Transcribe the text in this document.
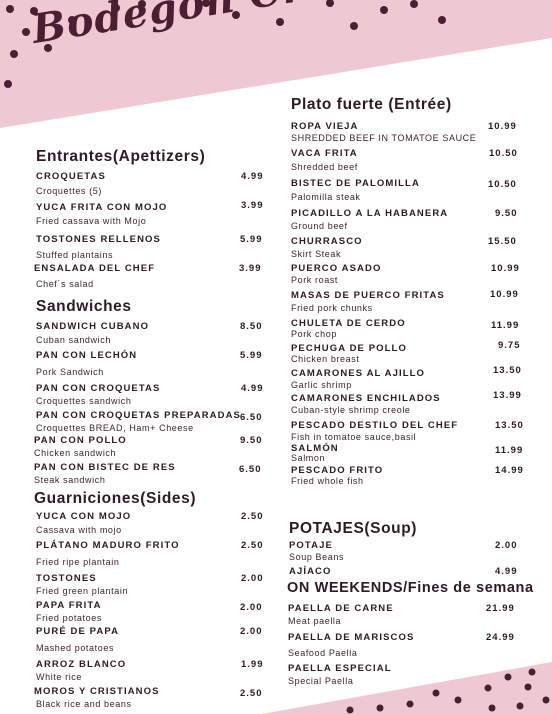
Entrantes(Apettizers)
CROQUETAS	4.99
Croquettes (5)
YUCA FRITA CON MOJO	3.99
Fried cassava with Mojo
TOSTONES RELLENOS	5.99
Stuffed plantains
ENSALADA DEL CHEF	3.99
Chef´s salad
Sandwiches
SANDWICH CUBANO	8.50
Cuban sandwich
PAN CON LECHÓN	5.99
Pork Sandwich
PAN CON CROQUETAS	4.99
Croquettes sandwich
PAN CON CROQUETAS PREPARADAS 6.50
Croquettes BREAD, Ham+ Cheese
PAN CON POLLO	9.50
Chicken sandwich
PAN CON BISTEC DE RES	6.50
Steak sandwich
Guarniciones(Sides)
YUCA CON MOJO	2.50
Cassava with mojo
PLÁTANO MADURO FRITO	2.50
Fried ripe plantain
TOSTONES	2.00
Fried green plantain
PAPA FRITA	2.00
Fried potatoes
PURÉ DE PAPA	2.00
Mashed potatoes
ARROZ BLANCO	1.99
White rice
MOROS Y CRISTIANOS	2.50
Black rice and beans
Plato fuerte (Entrée)
ROPA VIEJA	10.99
SHREDDED BEEF IN TOMATOE SAUCE
VACA FRITA	10.50
Shredded beef
BISTEC DE PALOMILLA	10.50
Palomilla steak
PICADILLO A LA HABANERA	9.50
Ground beef
CHURRASCO	15.50
Skirt Steak
PUERCO ASADO	10.99
Pork roast
MASAS DE PUERCO FRITAS	10.99
Fried pork chunks
CHULETA DE CERDO	11.99
Pork chop
PECHUGA DE POLLO	9.75
Chicken breast
CAMARONES AL AJILLO	13.50
Garlic shrimp
CAMARONES ENCHILADOS	13.99
Cuban-style shrimp creole
PESCADO DESTILO DEL CHEF	13.50
Fish in tomatoe sauce,basil
SALMÓN	11.99
Salmon
PESCADO FRITO	14.99
Fried whole fish
POTAJES(Soup)
POTAJE	2.00
Soup Beans
AJÍACO	4.99
ON WEEKENDS/Fines de semana
PAELLA DE CARNE	21.99
Meat paella
PAELLA DE MARISCOS	24.99
Seafood Paella
PAELLA ESPECIAL
Special Paella
